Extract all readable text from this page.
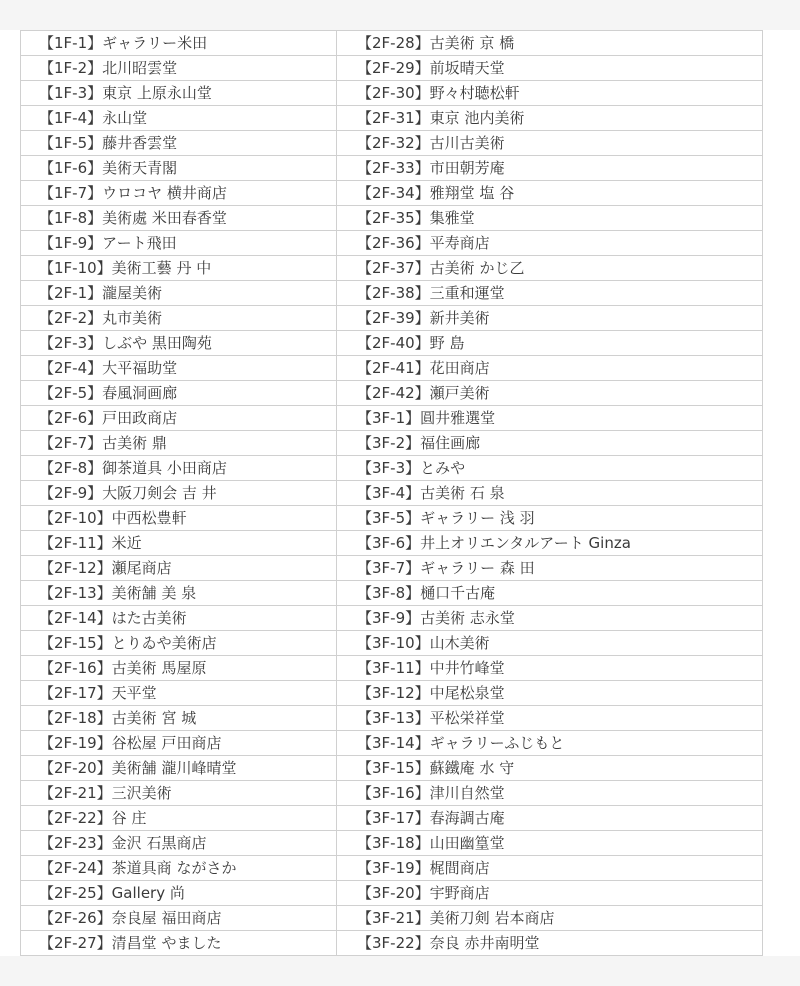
【1F-1】ギャラリー米田	【2F-28】古美術 京 橋
【1F-2】北川昭雲堂	【2F-29】前坂晴天堂
【1F-3】東京 上原永山堂	【2F-30】野々村聴松軒
【1F-4】永山堂	【2F-31】東京 池内美術
【1F-5】藤井香雲堂	【2F-32】古川古美術
【1F-6】美術天青閣	【2F-33】市田朝芳庵
【1F-7】ウロコヤ 横井商店	【2F-34】雅翔堂 塩 谷
【1F-8】美術處 米田春香堂	【2F-35】集雅堂
【1F-9】アート飛田	【2F-36】平寿商店
【1F-10】美術工藝 丹 中	【2F-37】古美術 かじ乙
【2F-1】瀧屋美術	【2F-38】三重和運堂
【2F-2】丸市美術	【2F-39】新井美術
【2F-3】しぶや 黒田陶苑	【2F-40】野 島
【2F-4】大平福助堂	【2F-41】花田商店
【2F-5】春風洞画廊	【2F-42】瀬戸美術
【2F-6】戸田政商店	【3F-1】圓井雅選堂
【2F-7】古美術 鼎	【3F-2】福住画廊
【2F-8】御茶道具 小田商店	【3F-3】とみや
【2F-9】大阪刀剣会 吉 井	【3F-4】古美術 石 泉
【2F-10】中西松豊軒	【3F-5】ギャラリー 浅 羽
【2F-11】米近	【3F-6】井上オリエンタルアート Ginza
【2F-12】瀬尾商店	【3F-7】ギャラリー 森 田
【2F-13】美術舗 美 泉	【3F-8】樋口千古庵
【2F-14】はた古美術	【3F-9】古美術 志永堂
【2F-15】とりゐや美術店	【3F-10】山木美術
【2F-16】古美術 馬屋原	【3F-11】中井竹峰堂
【2F-17】天平堂	【3F-12】中尾松泉堂
【2F-18】古美術 宮 城	【3F-13】平松栄祥堂
【2F-19】谷松屋 戸田商店	【3F-14】ギャラリーふじもと
【2F-20】美術舗 瀧川峰晴堂	【3F-15】蘇鐵庵 水 守
【2F-21】三沢美術	【3F-16】津川自然堂
【2F-22】谷 庄	【3F-17】春海調古庵
【2F-23】金沢 石黒商店	【3F-18】山田幽篁堂
【2F-24】茶道具商 ながさか	【3F-19】梶間商店
【2F-25】Gallery 尚	【3F-20】宇野商店
【2F-26】奈良屋 福田商店	【3F-21】美術刀剣 岩本商店
【2F-27】清昌堂 やました	【3F-22】奈良 赤井南明堂
